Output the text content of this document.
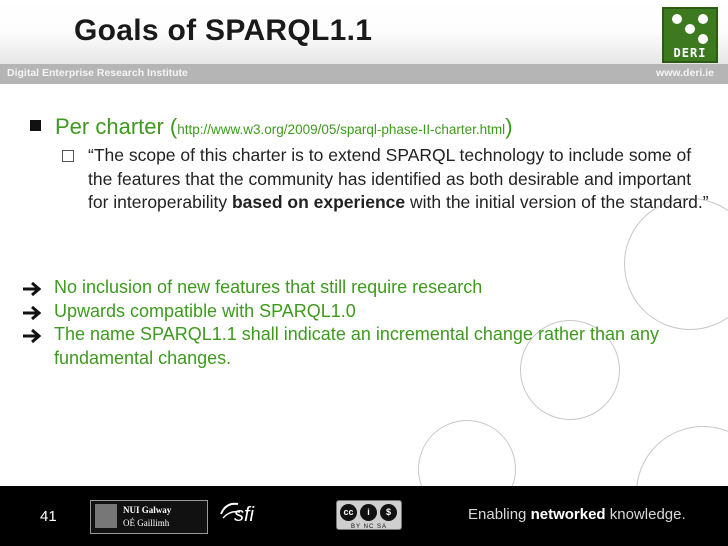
Goals of SPARQL1.1
DERI
Digital Enterprise Research Institute	www.deri.ie
Per charter ( http://www.w3.org/2009/05/sparql-phase-II-charter.html )
“The scope of this charter is to extend SPARQL technology to include some of the features that the community has identified as both desirable and important for interoperability based on experience with the initial version of the standard.”
No inclusion of new features that still require research
Upwards compatible with SPARQL1.0
The name SPARQL1.1 shall indicate an incremental change rather than any fundamental changes.
41	NUI Galway
OÉ Gaillimh	sfi	cc	i	$
BY NC SA
Enabling networked knowledge.
